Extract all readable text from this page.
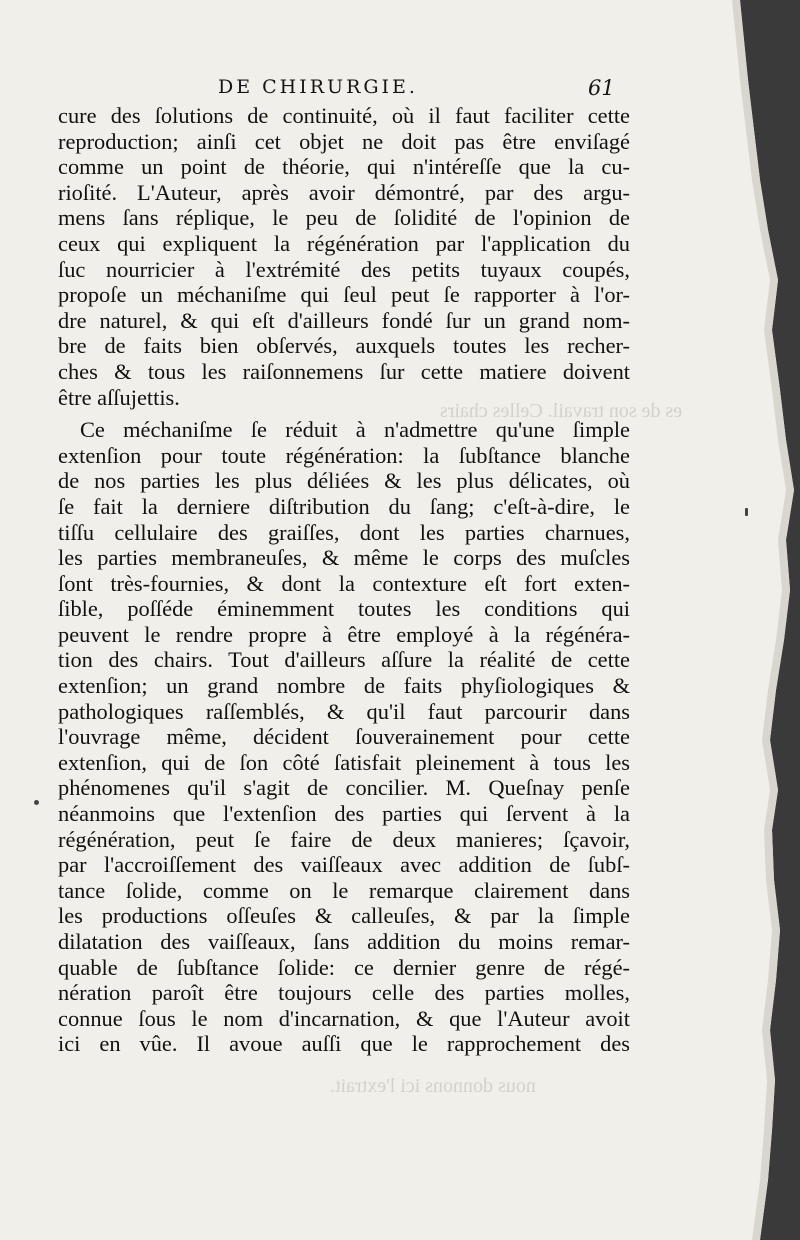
es de son travail. Celles chairs
nous donnons ici l'extrait.
DE CHIRURGIE.	61
cure des ſolutions de continuité, où il faut faciliter cette
reproduction; ainſi cet objet ne doit pas être enviſagé
comme un point de théorie, qui n'intéreſſe que la cu-
rioſité. L'Auteur, après avoir démontré, par des argu-
mens ſans réplique, le peu de ſolidité de l'opinion de
ceux qui expliquent la régénération par l'application du
ſuc nourricier à l'extrémité des petits tuyaux coupés,
propoſe un méchaniſme qui ſeul peut ſe rapporter à l'or-
dre naturel, & qui eſt d'ailleurs fondé ſur un grand nom-
bre de faits bien obſervés, auxquels toutes les recher-
ches & tous les raiſonnemens ſur cette matiere doivent
être aſſujettis.
Ce méchaniſme ſe réduit à n'admettre qu'une ſimple
extenſion pour toute régénération: la ſubſtance blanche
de nos parties les plus déliées & les plus délicates, où
ſe fait la derniere diſtribution du ſang; c'eſt-à-dire, le
tiſſu cellulaire des graiſſes, dont les parties charnues,
les parties membraneuſes, & même le corps des muſcles
ſont très-fournies, & dont la contexture eſt fort exten-
ſible, poſſéde éminemment toutes les conditions qui
peuvent le rendre propre à être employé à la régénéra-
tion des chairs. Tout d'ailleurs aſſure la réalité de cette
extenſion; un grand nombre de faits phyſiologiques &
pathologiques raſſemblés, & qu'il faut parcourir dans
l'ouvrage même, décident ſouverainement pour cette
extenſion, qui de ſon côté ſatisfait pleinement à tous les
phénomenes qu'il s'agit de concilier. M. Queſnay penſe
néanmoins que l'extenſion des parties qui ſervent à la
régénération, peut ſe faire de deux manieres; ſçavoir,
par l'accroiſſement des vaiſſeaux avec addition de ſubſ-
tance ſolide, comme on le remarque clairement dans
les productions oſſeuſes & calleuſes, & par la ſimple
dilatation des vaiſſeaux, ſans addition du moins remar-
quable de ſubſtance ſolide: ce dernier genre de régé-
nération paroît être toujours celle des parties molles,
connue ſous le nom d'incarnation, & que l'Auteur avoit
ici en vûe. Il avoue auſſi que le rapprochement des
